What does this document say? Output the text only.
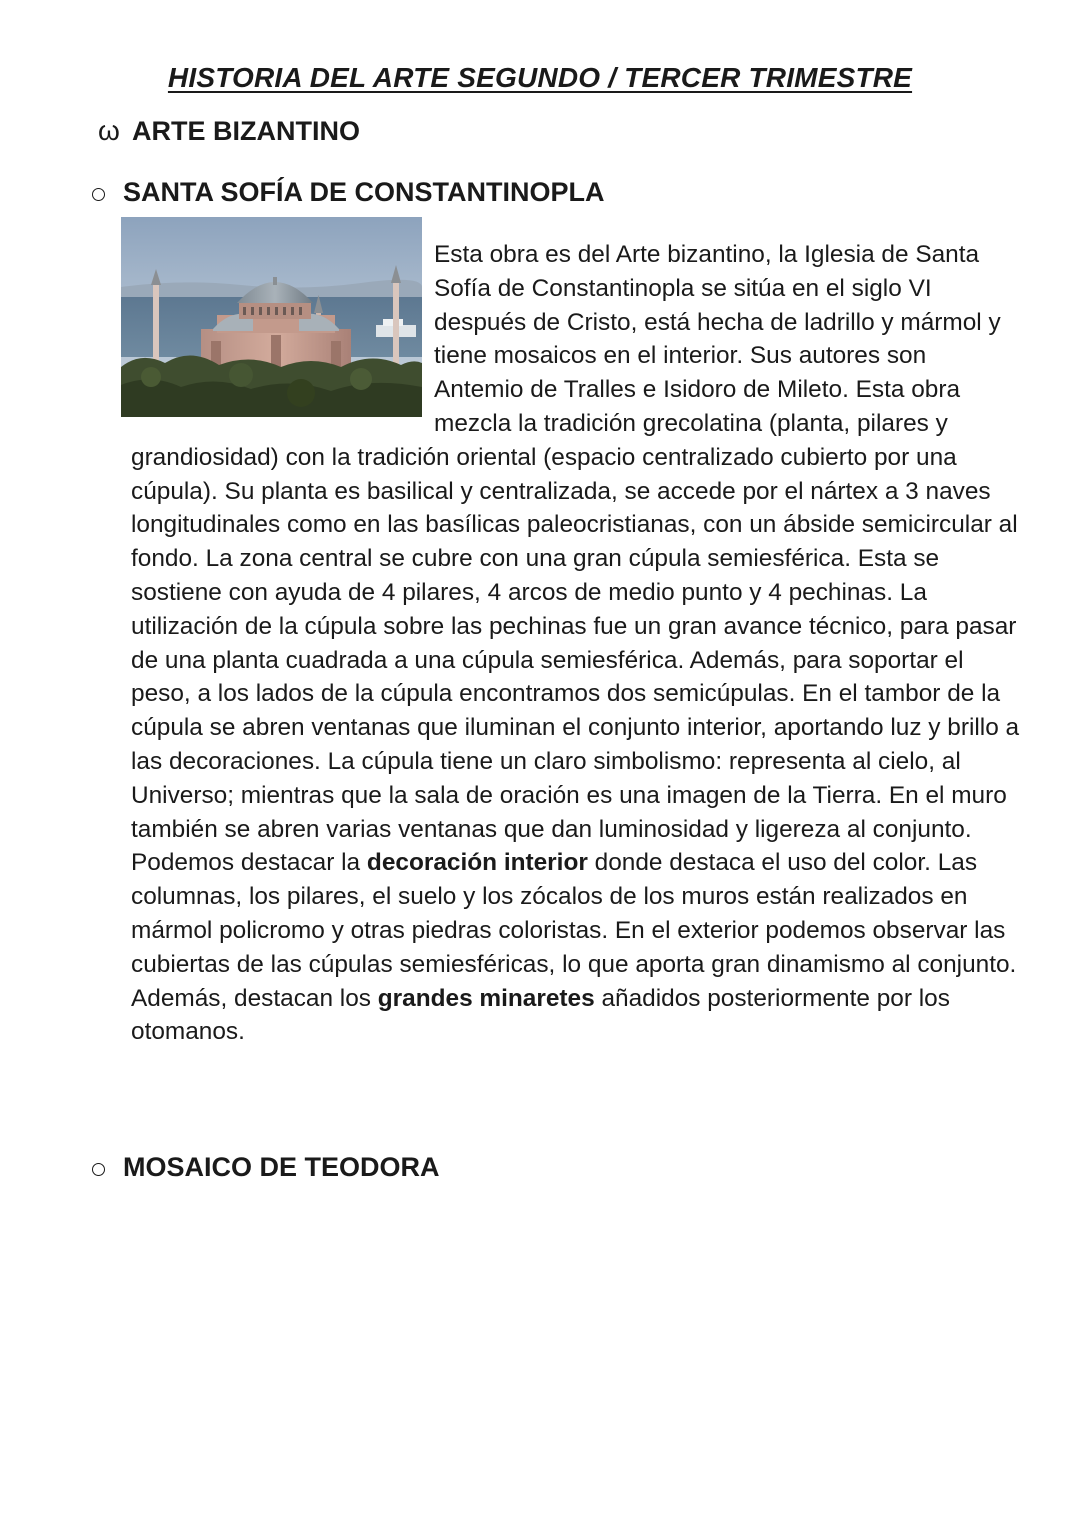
HISTORIA DEL ARTE SEGUNDO / TERCER TRIMESTRE
ω ARTE BIZANTINO
SANTA SOFÍA DE CONSTANTINOPLA

Esta obra es del Arte bizantino, la Iglesia de Santa Sofía de Constantinopla se sitúa en el siglo VI después de Cristo, está hecha de ladrillo y mármol y tiene mosaicos en el interior. Sus autores son Antemio de Tralles e Isidoro de Mileto. Esta obra mezcla la tradición grecolatina (planta, pilares y grandiosidad) con la tradición oriental (espacio centralizado cubierto por una cúpula). Su planta es basilical y centralizada, se accede por el nártex a 3 naves longitudinales como en las basílicas paleocristianas, con un ábside semicircular al fondo. La zona central se cubre con una gran cúpula semiesférica. Esta se sostiene con ayuda de 4 pilares, 4 arcos de medio punto y 4 pechinas. La utilización de la cúpula sobre las pechinas fue un gran avance técnico, para pasar de una planta cuadrada a una cúpula semiesférica. Además, para soportar el peso, a los lados de la cúpula encontramos dos semicúpulas. En el tambor de la cúpula se abren ventanas que iluminan el conjunto interior, aportando luz y brillo a las decoraciones. La cúpula tiene un claro simbolismo: representa al cielo, al Universo; mientras que la sala de oración es una imagen de la Tierra. En el muro también se abren varias ventanas que dan luminosidad y ligereza al conjunto. Podemos destacar la decoración interior donde destaca el uso del color. Las columnas, los pilares, el suelo y los zócalos de los muros están realizados en mármol policromo y otras piedras coloristas. En el exterior podemos observar las cubiertas de las cúpulas semiesféricas, lo que aporta gran dinamismo al conjunto. Además, destacan los grandes minaretes añadidos posteriormente por los otomanos.

MOSAICO DE TEODORA
